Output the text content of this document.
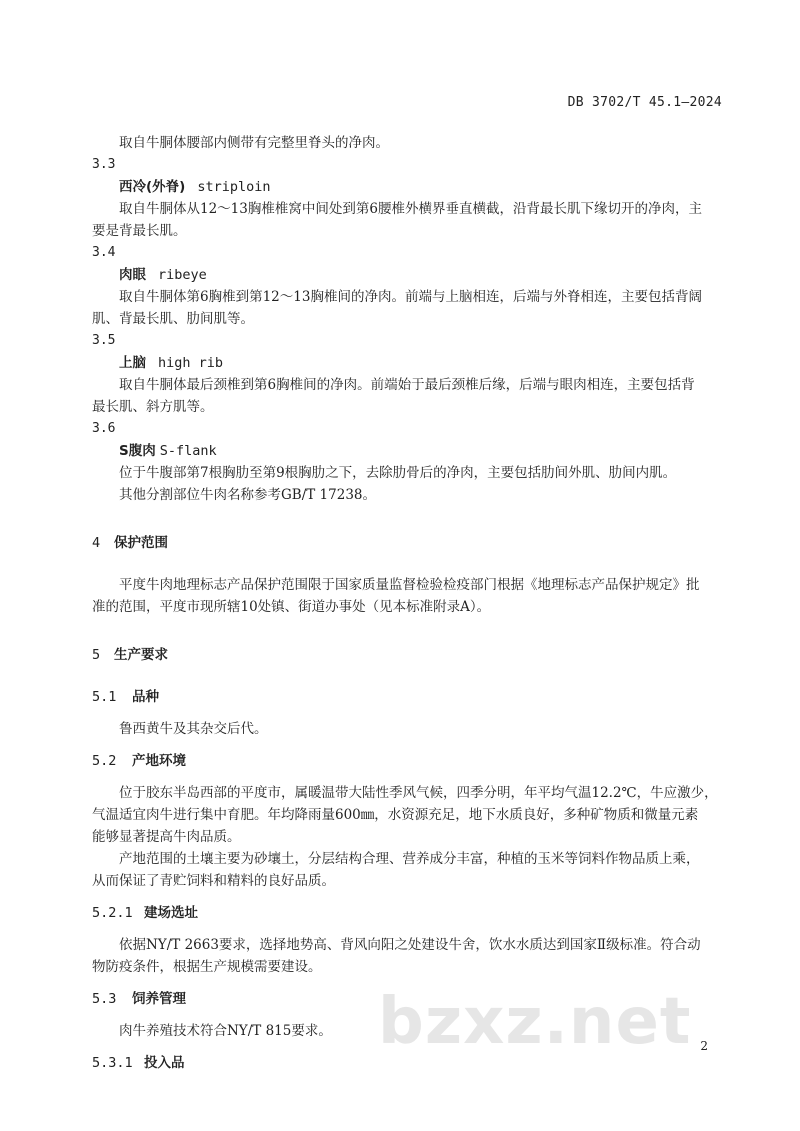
DB 3702/T 45.1—2024

取自牛胴体腰部内侧带有完整里脊头的净肉。

3.3

西冷(外脊) striploin

取自牛胴体从12～13胸椎椎窝中间处到第6腰椎外横界垂直横截，沿背最长肌下缘切开的净肉，主

要是背最长肌。

3.4

肉眼 ribeye

取自牛胴体第6胸椎到第12～13胸椎间的净肉。前端与上脑相连，后端与外脊相连，主要包括背阔

肌、背最长肌、肋间肌等。

3.5

上脑 high rib

取自牛胴体最后颈椎到第6胸椎间的净肉。前端始于最后颈椎后缘，后端与眼肉相连，主要包括背

最长肌、斜方肌等。

3.6

S腹肉 S-flank

位于牛腹部第7根胸肋至第9根胸肋之下，去除肋骨后的净肉，主要包括肋间外肌、肋间内肌。

其他分割部位牛肉名称参考GB/T 17238。

4 保护范围

平度牛肉地理标志产品保护范围限于国家质量监督检验检疫部门根据《地理标志产品保护规定》批

准的范围，平度市现所辖10处镇、街道办事处（见本标准附录A）。

5 生产要求

5.1 品种

鲁西黄牛及其杂交后代。

5.2 产地环境

位于胶东半岛西部的平度市，属暖温带大陆性季风气候，四季分明，年平均气温12.2℃，牛应激少，

气温适宜肉牛进行集中育肥。年均降雨量600㎜，水资源充足，地下水质良好，多种矿物质和微量元素

能够显著提高牛肉品质。

产地范围的土壤主要为砂壤土，分层结构合理、营养成分丰富，种植的玉米等饲料作物品质上乘，

从而保证了青贮饲料和精料的良好品质。

5.2.1 建场选址

依据NY/T 2663要求，选择地势高、背风向阳之处建设牛舍，饮水水质达到国家Ⅱ级标准。符合动

物防疫条件，根据生产规模需要建设。

5.3 饲养管理

肉牛养殖技术符合NY/T 815要求。

5.3.1 投入品

bzxz.net 2
